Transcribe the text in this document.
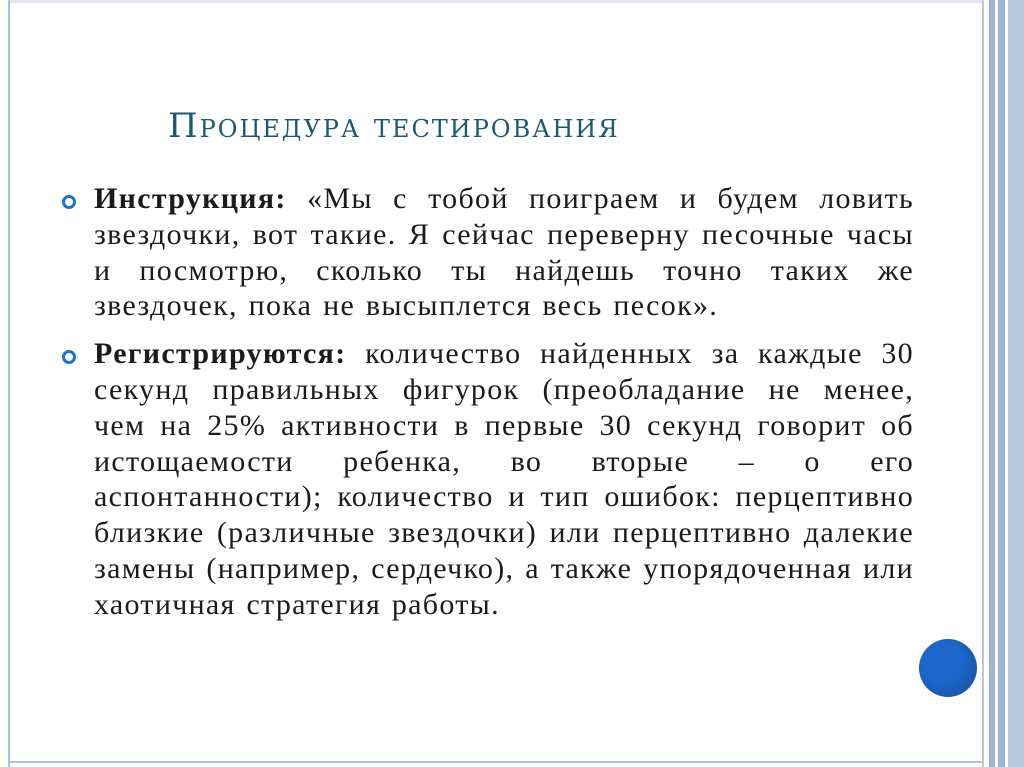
Процедура тестирования
Инструкция: «Мы с тобой поиграем и будем ловить звездочки, вот такие. Я сейчас переверну песочные часы и посмотрю, сколько ты найдешь точно таких же звездочек, пока не высыплется весь песок».
Регистрируются: количество найденных за каждые 30 секунд правильных фигурок (преобладание не менее, чем на 25% активности в первые 30 секунд говорит об истощаемости ребенка, во вторые – о его аспонтанности); количество и тип ошибок: перцептивно близкие (различные звездочки) или перцептивно далекие замены (например, сердечко), а также упорядоченная или хаотичная стратегия работы.
